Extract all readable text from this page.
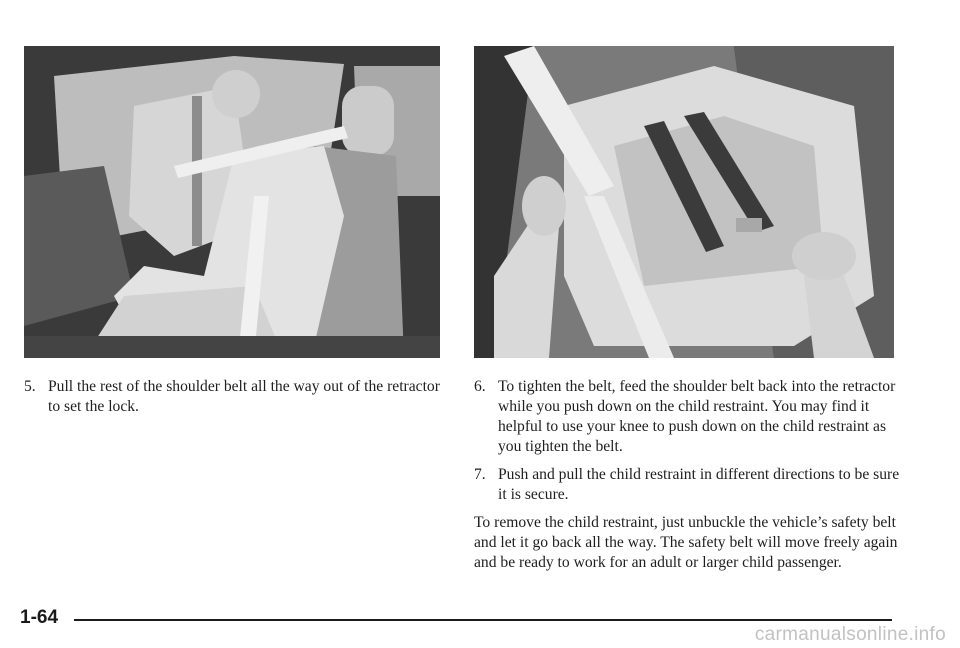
5. Pull the rest of the shoulder belt all the way out of the retractor to set the lock.
6. To tighten the belt, feed the shoulder belt back into the retractor while you push down on the child restraint. You may find it helpful to use your knee to push down on the child restraint as you tighten the belt.
7. Push and pull the child restraint in different directions to be sure it is secure.

To remove the child restraint, just unbuckle the vehicle’s safety belt and let it go back all the way. The safety belt will move freely again and be ready to work for an adult or larger child passenger.

1-64
carmanualsonline.info
